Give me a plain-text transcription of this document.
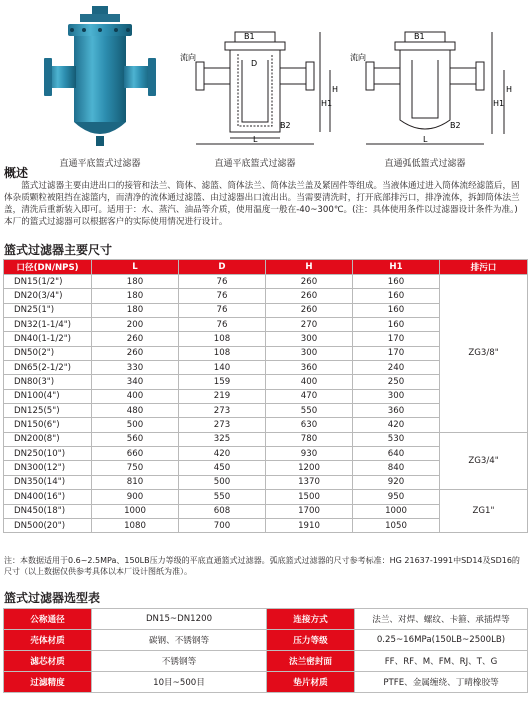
直通平底篮式过滤器
B1
流向
D
H1
H
B2
L
直通平底篮式过滤器
B1
流向
H1
H
B2
L
直通弧低篮式过滤器
概述
篮式过滤器主要由进出口的接管和法兰、筒体、滤篮、筒体法兰、筒体法兰盖及紧固件等组成。当液体通过进入筒体流经滤篮后，固体杂质颗粒被阻挡在滤篮内，而清净的流体通过滤篮、由过滤器出口流出出。当需要清洗时，打开底部排污口，排净流体，拆卸筒体法兰盖，清洗后重新装入即可。适用于：水、蒸汽、油品等介质，使用温度一般在-40~300℃。(注：具体使用条件以过滤器设计条件为准。)本厂的篮式过滤器可以根据客户的实际使用情况进行设计。
篮式过滤器主要尺寸
口径(DN/NPS)	L	D	H	H1	排污口
DN15(1/2")	180	76	260	160	ZG3/8"
DN20(3/4")	180	76	260	160	
DN25(1")	180	76	260	160	
DN32(1-1/4")	200	76	270	160	
DN40(1-1/2")	260	108	300	170	
DN50(2")	260	108	300	170	
DN65(2-1/2")	330	140	360	240	
DN80(3")	340	159	400	250	
DN100(4")	400	219	470	300	
DN125(5")	480	273	550	360	
DN150(6")	500	273	630	420	
DN200(8")	560	325	780	530	ZG3/4"
DN250(10")	660	420	930	640	
DN300(12")	750	450	1200	840	
DN350(14")	810	500	1370	920	
DN400(16")	900	550	1500	950	ZG1"
DN450(18")	1000	608	1700	1000	
DN500(20")	1080	700	1910	1050	
注：本数据适用于0.6~2.5MPa、150LB压力等级的平底直通篮式过滤器。弧底篮式过滤器的尺寸参考标准：HG 21637-1991中SD14及SD16的尺寸（以上数据仅供参考具体以本厂设计图纸为准）。
篮式过滤器选型表
公称通径	DN15~DN1200	连接方式	法兰、对焊、螺纹、卡箍、承插焊等
壳体材质	碳钢、不锈钢等	压力等级	0.25~16MPa(150LB~2500LB)
滤芯材质	不锈钢等	法兰密封面	FF、RF、M、FM、RJ、T、G
过滤精度	10目~500目	垫片材质	PTFE、金属缠绕、丁晴橡胶等
